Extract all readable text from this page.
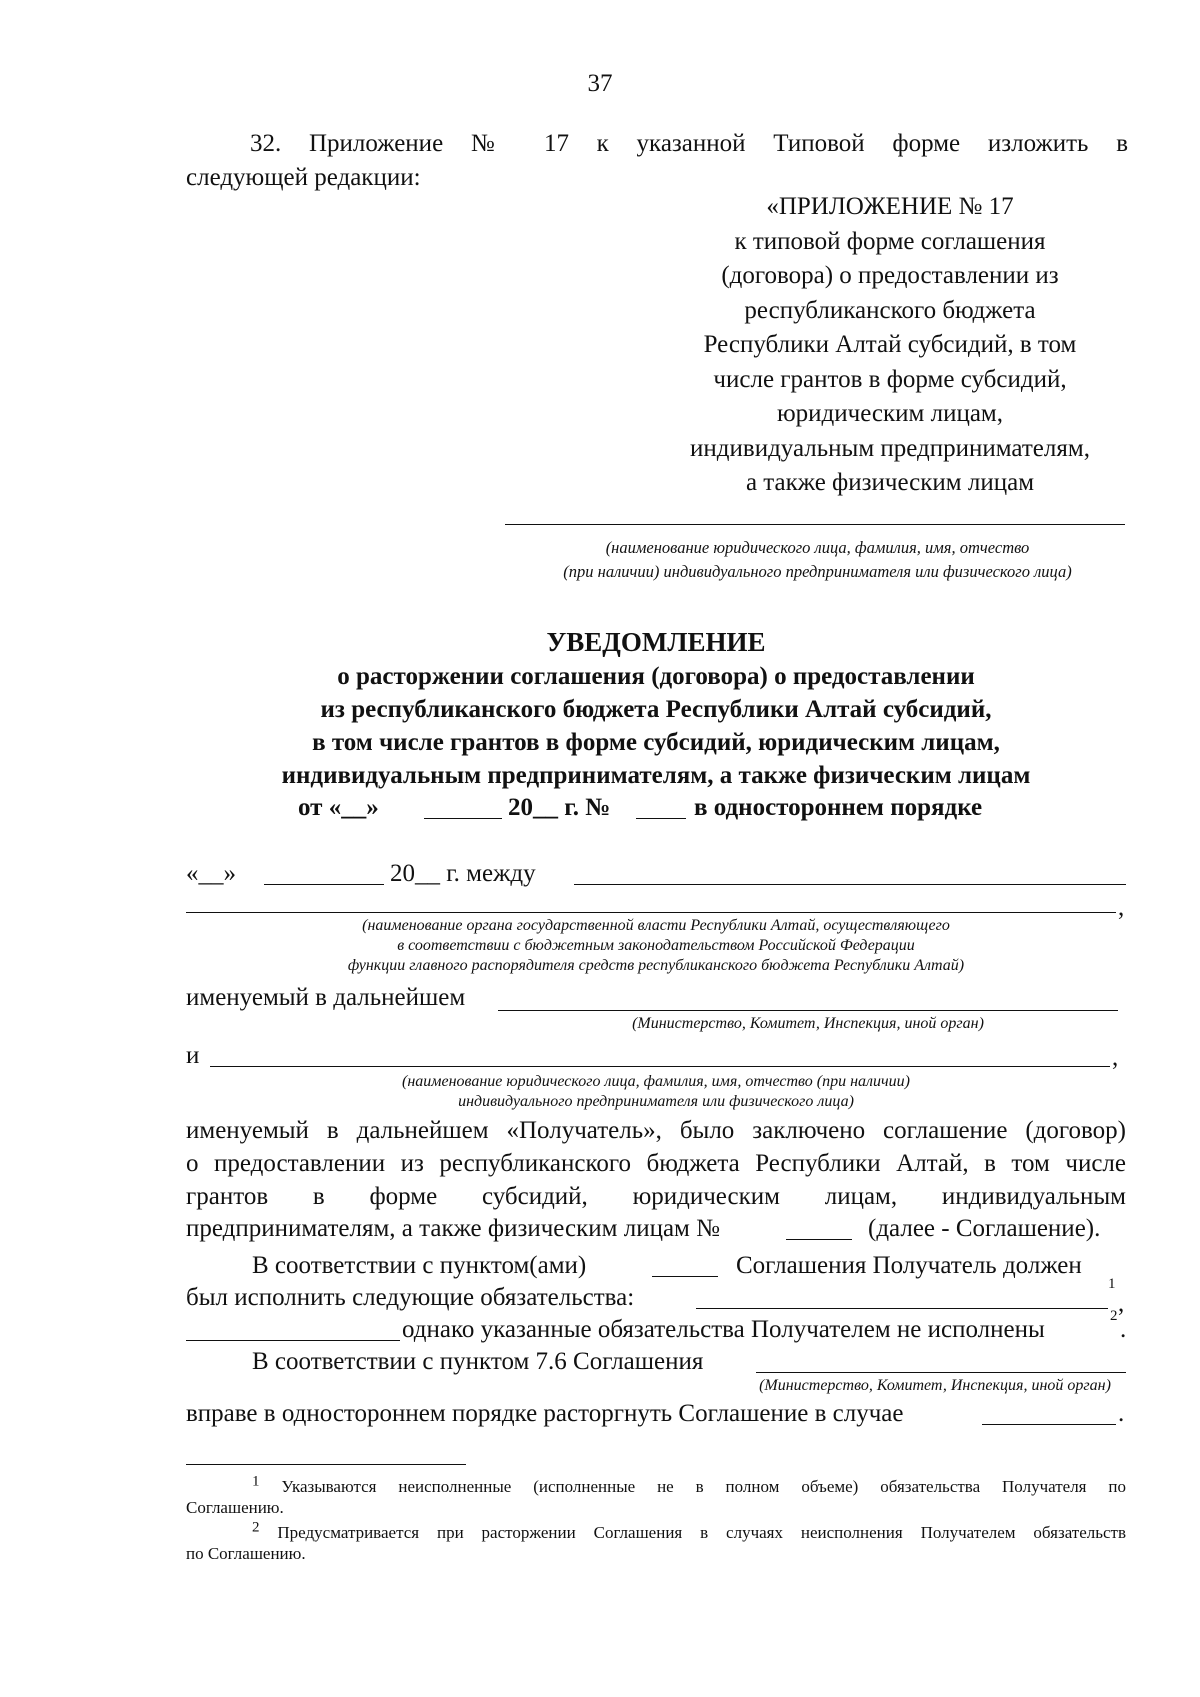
37
32. Приложение № 17 к указанной Типовой форме изложить в
следующей редакции:
«ПРИЛОЖЕНИЕ № 17
к типовой форме соглашения
(договора) о предоставлении из
республиканского бюджета
Республики Алтай субсидий, в том
числе грантов в форме субсидий,
юридическим лицам,
индивидуальным предпринимателям,
а также физическим лицам
(наименование юридического лица, фамилия, имя, отчество
(при наличии) индивидуального предпринимателя или физического лица)
УВЕДОМЛЕНИЕ
о расторжении соглашения (договора) о предоставлении
из республиканского бюджета Республики Алтай субсидий,
в том числе грантов в форме субсидий, юридическим лицам,
индивидуальным предпринимателям, а также физическим лицам
от «__»	20__ г. №	в одностороннем порядке
«__»	20__ г. между
,
(наименование органа государственной власти Республики Алтай, осуществляющего
в соответствии с бюджетным законодательством Российской Федерации
функции главного распорядителя средств республиканского бюджета Республики Алтай)
именуемый в дальнейшем
(Министерство, Комитет, Инспекция, иной орган)
и	,
(наименование юридического лица, фамилия, имя, отчество (при наличии)
индивидуального предпринимателя или физического лица)
именуемый в дальнейшем «Получатель», было заключено соглашение (договор)
о предоставлении из республиканского бюджета Республики Алтай, в том числе
грантов в форме субсидий, юридическим лицам, индивидуальным
предпринимателям, а также физическим лицам №	(далее - Соглашение).
В соответствии с пунктом(ами)	Соглашения Получатель должен
был исполнить следующие обязательства:	1
,
однако указанные обязательства Получателем не исполнены	2 .
В соответствии с пунктом 7.6 Соглашения
(Министерство, Комитет, Инспекция, иной орган)
вправе в одностороннем порядке расторгнуть Соглашение в случае	.
$^1$ Указываются неисполненные (исполненные не в полном объеме) обязательства Получателя по
Соглашению.
$^2$ Предусматривается при расторжении Соглашения в случаях неисполнения Получателем обязательств
по Соглашению.
